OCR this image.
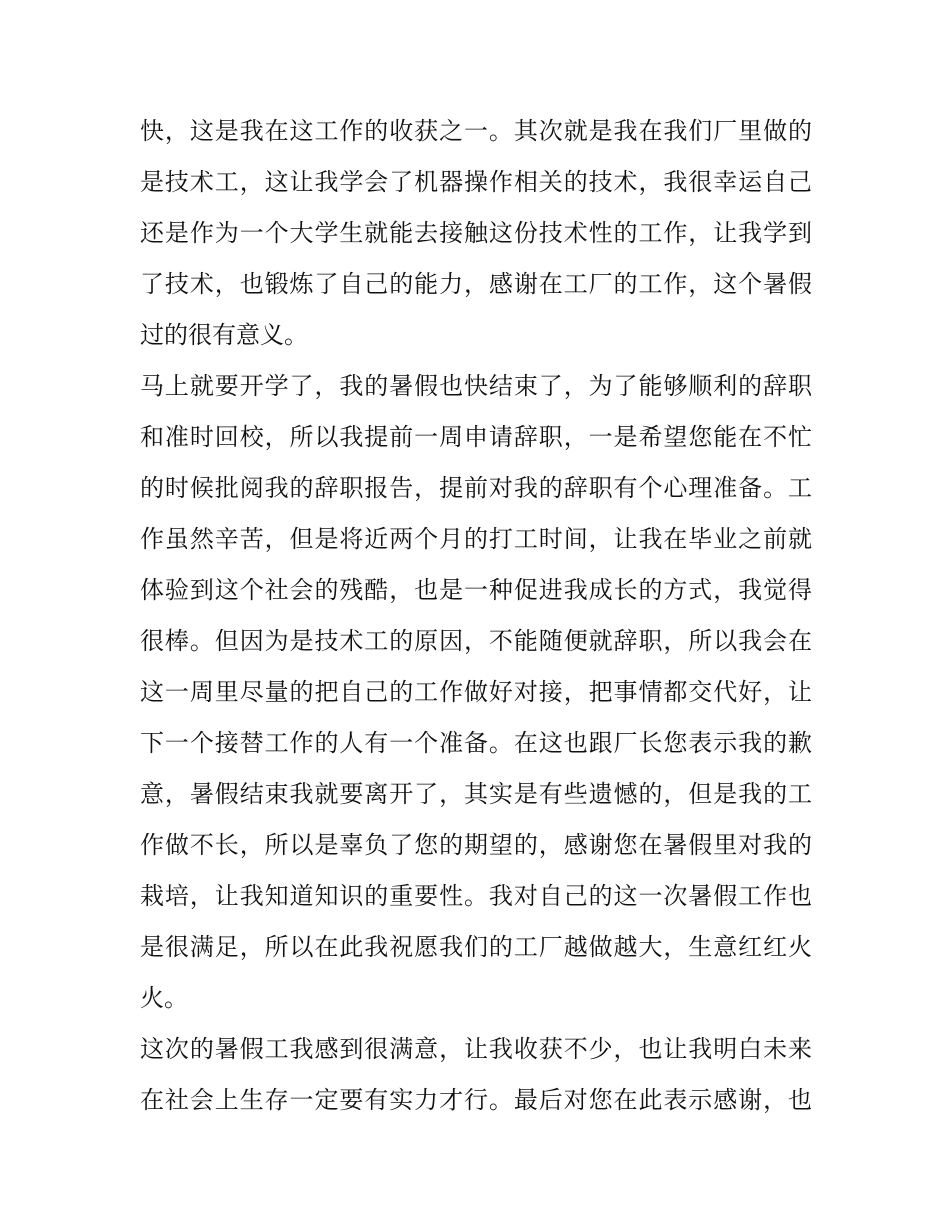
快，这是我在这工作的收获之一。其次就是我在我们厂里做的
是技术工，这让我学会了机器操作相关的技术，我很幸运自己
还是作为一个大学生就能去接触这份技术性的工作，让我学到
了技术，也锻炼了自己的能力，感谢在工厂的工作，这个暑假
过的很有意义。
马上就要开学了，我的暑假也快结束了，为了能够顺利的辞职
和准时回校，所以我提前一周申请辞职，一是希望您能在不忙
的时候批阅我的辞职报告，提前对我的辞职有个心理准备。工
作虽然辛苦，但是将近两个月的打工时间，让我在毕业之前就
体验到这个社会的残酷，也是一种促进我成长的方式，我觉得
很棒。但因为是技术工的原因，不能随便就辞职，所以我会在
这一周里尽量的把自己的工作做好对接，把事情都交代好，让
下一个接替工作的人有一个准备。在这也跟厂长您表示我的歉
意，暑假结束我就要离开了，其实是有些遗憾的，但是我的工
作做不长，所以是辜负了您的期望的，感谢您在暑假里对我的
栽培，让我知道知识的重要性。我对自己的这一次暑假工作也
是很满足，所以在此我祝愿我们的工厂越做越大，生意红红火
火。
这次的暑假工我感到很满意，让我收获不少，也让我明白未来
在社会上生存一定要有实力才行。最后对您在此表示感谢，也
